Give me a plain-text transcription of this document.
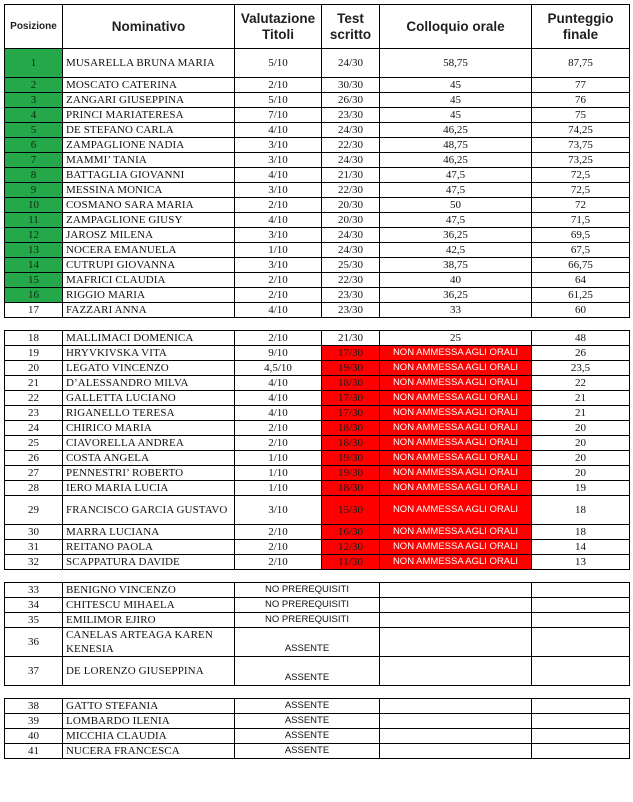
Posizione	Nominativo	Valutazione Titoli	Test scritto	Colloquio orale	Punteggio finale
1	MUSARELLA BRUNA MARIA	5/10	24/30	58,75	87,75
2	MOSCATO CATERINA	2/10	30/30	45	77
3	ZANGARI GIUSEPPINA	5/10	26/30	45	76
4	PRINCI MARIATERESA	7/10	23/30	45	75
5	DE STEFANO CARLA	4/10	24/30	46,25	74,25
6	ZAMPAGLIONE NADIA	3/10	22/30	48,75	73,75
7	MAMMI’ TANIA	3/10	24/30	46,25	73,25
8	BATTAGLIA GIOVANNI	4/10	21/30	47,5	72,5
9	MESSINA MONICA	3/10	22/30	47,5	72,5
10	COSMANO SARA MARIA	2/10	20/30	50	72
11	ZAMPAGLIONE GIUSY	4/10	20/30	47,5	71,5
12	JAROSZ MILENA	3/10	24/30	36,25	69,5
13	NOCERA EMANUELA	1/10	24/30	42,5	67,5
14	CUTRUPI GIOVANNA	3/10	25/30	38,75	66,75
15	MAFRICI CLAUDIA	2/10	22/30	40	64
16	RIGGIO MARIA	2/10	23/30	36,25	61,25
17	FAZZARI ANNA	4/10	23/30	33	60

18	MALLIMACI DOMENICA	2/10	21/30	25	48
19	HRYVKIVSKA VITA	9/10	17/30	NON AMMESSA AGLI ORALI	26
20	LEGATO VINCENZO	4,5/10	19/30	NON AMMESSA AGLI ORALI	23,5
21	D’ALESSANDRO MILVA	4/10	18/30	NON AMMESSA AGLI ORALI	22
22	GALLETTA LUCIANO	4/10	17/30	NON AMMESSA AGLI ORALI	21
23	RIGANELLO TERESA	4/10	17/30	NON AMMESSA AGLI ORALI	21
24	CHIRICO MARIA	2/10	18/30	NON AMMESSA AGLI ORALI	20
25	CIAVORELLA ANDREA	2/10	18/30	NON AMMESSA AGLI ORALI	20
26	COSTA ANGELA	1/10	19/30	NON AMMESSA AGLI ORALI	20
27	PENNESTRI’ ROBERTO	1/10	19/30	NON AMMESSA AGLI ORALI	20
28	IERO MARIA LUCIA	1/10	18/30	NON AMMESSA AGLI ORALI	19
29	FRANCISCO GARCIA GUSTAVO	3/10	15/30	NON AMMESSA AGLI ORALI	18
30	MARRA LUCIANA	2/10	16/30	NON AMMESSA AGLI ORALI	18
31	REITANO PAOLA	2/10	12/30	NON AMMESSA AGLI ORALI	14
32	SCAPPATURA DAVIDE	2/10	11/30	NON AMMESSA AGLI ORALI	13

33	BENIGNO VINCENZO	NO PREREQUISITI			
34	CHITESCU MIHAELA	NO PREREQUISITI			
35	EMILIMOR EJIRO	NO PREREQUISITI			
36	CANELAS ARTEAGA KAREN KENESIA	ASSENTE			
37	DE LORENZO GIUSEPPINA	ASSENTE			

38	GATTO STEFANIA	ASSENTE			
39	LOMBARDO ILENIA	ASSENTE			
40	MICCHIA CLAUDIA	ASSENTE			
41	NUCERA FRANCESCA	ASSENTE			
